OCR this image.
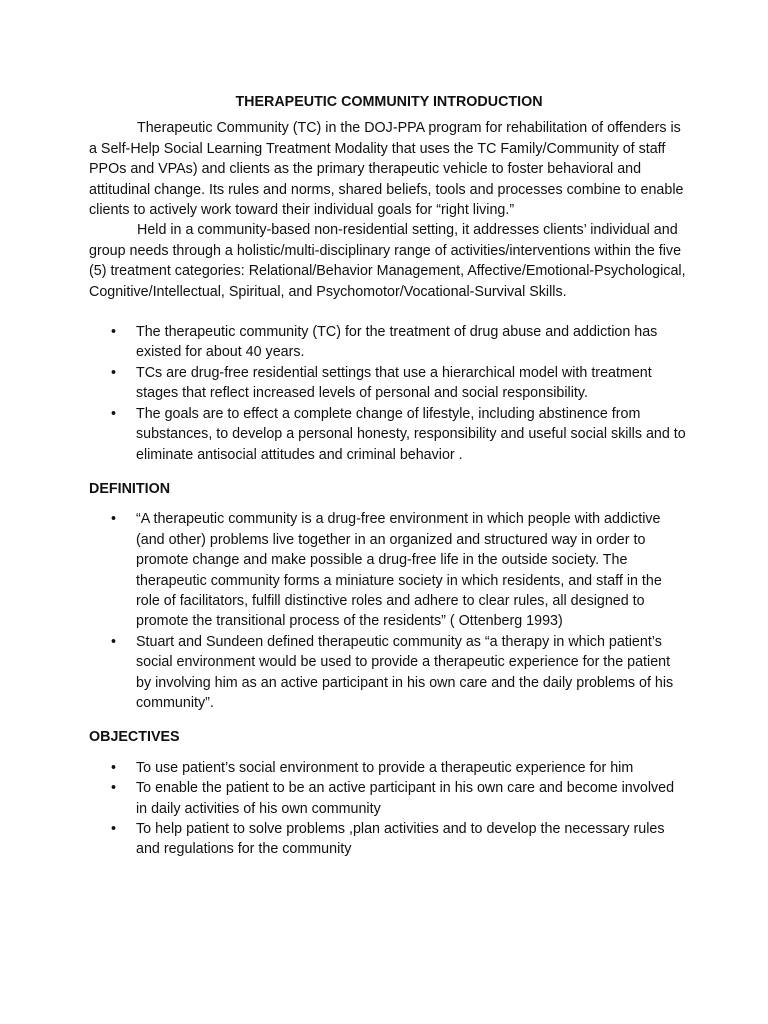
THERAPEUTIC COMMUNITY INTRODUCTION

Therapeutic Community (TC) in the DOJ-PPA program for rehabilitation of offenders is a Self-Help Social Learning Treatment Modality that uses the TC Family/Community of staff PPOs and VPAs) and clients as the primary therapeutic vehicle to foster behavioral and attitudinal change. Its rules and norms, shared beliefs, tools and processes combine to enable clients to actively work toward their individual goals for “right living.”

Held in a community-based non-residential setting, it addresses clients’ individual and group needs through a holistic/multi-disciplinary range of activities/interventions within the five (5) treatment categories: Relational/Behavior Management, Affective/Emotional-Psychological, Cognitive/Intellectual, Spiritual, and Psychomotor/Vocational-Survival Skills.

• The therapeutic community (TC) for the treatment of drug abuse and addiction has existed for about 40 years.
• TCs are drug-free residential settings that use a hierarchical model with treatment stages that reflect increased levels of personal and social responsibility.
• The goals are to effect a complete change of lifestyle, including abstinence from substances, to develop a personal honesty, responsibility and useful social skills and to eliminate antisocial attitudes and criminal behavior .
DEFINITION
• “A therapeutic community is a drug-free environment in which people with addictive (and other) problems live together in an organized and structured way in order to promote change and make possible a drug-free life in the outside society. The therapeutic community forms a miniature society in which residents, and staff in the role of facilitators, fulfill distinctive roles and adhere to clear rules, all designed to promote the transitional process of the residents” ( Ottenberg 1993)
• Stuart and Sundeen defined therapeutic community as “a therapy in which patient’s social environment would be used to provide a therapeutic experience for the patient by involving him as an active participant in his own care and the daily problems of his community”.
OBJECTIVES
• To use patient’s social environment to provide a therapeutic experience for him
• To enable the patient to be an active participant in his own care and become involved in daily activities of his own community
• To help patient to solve problems ,plan activities and to develop the necessary rules and regulations for the community
